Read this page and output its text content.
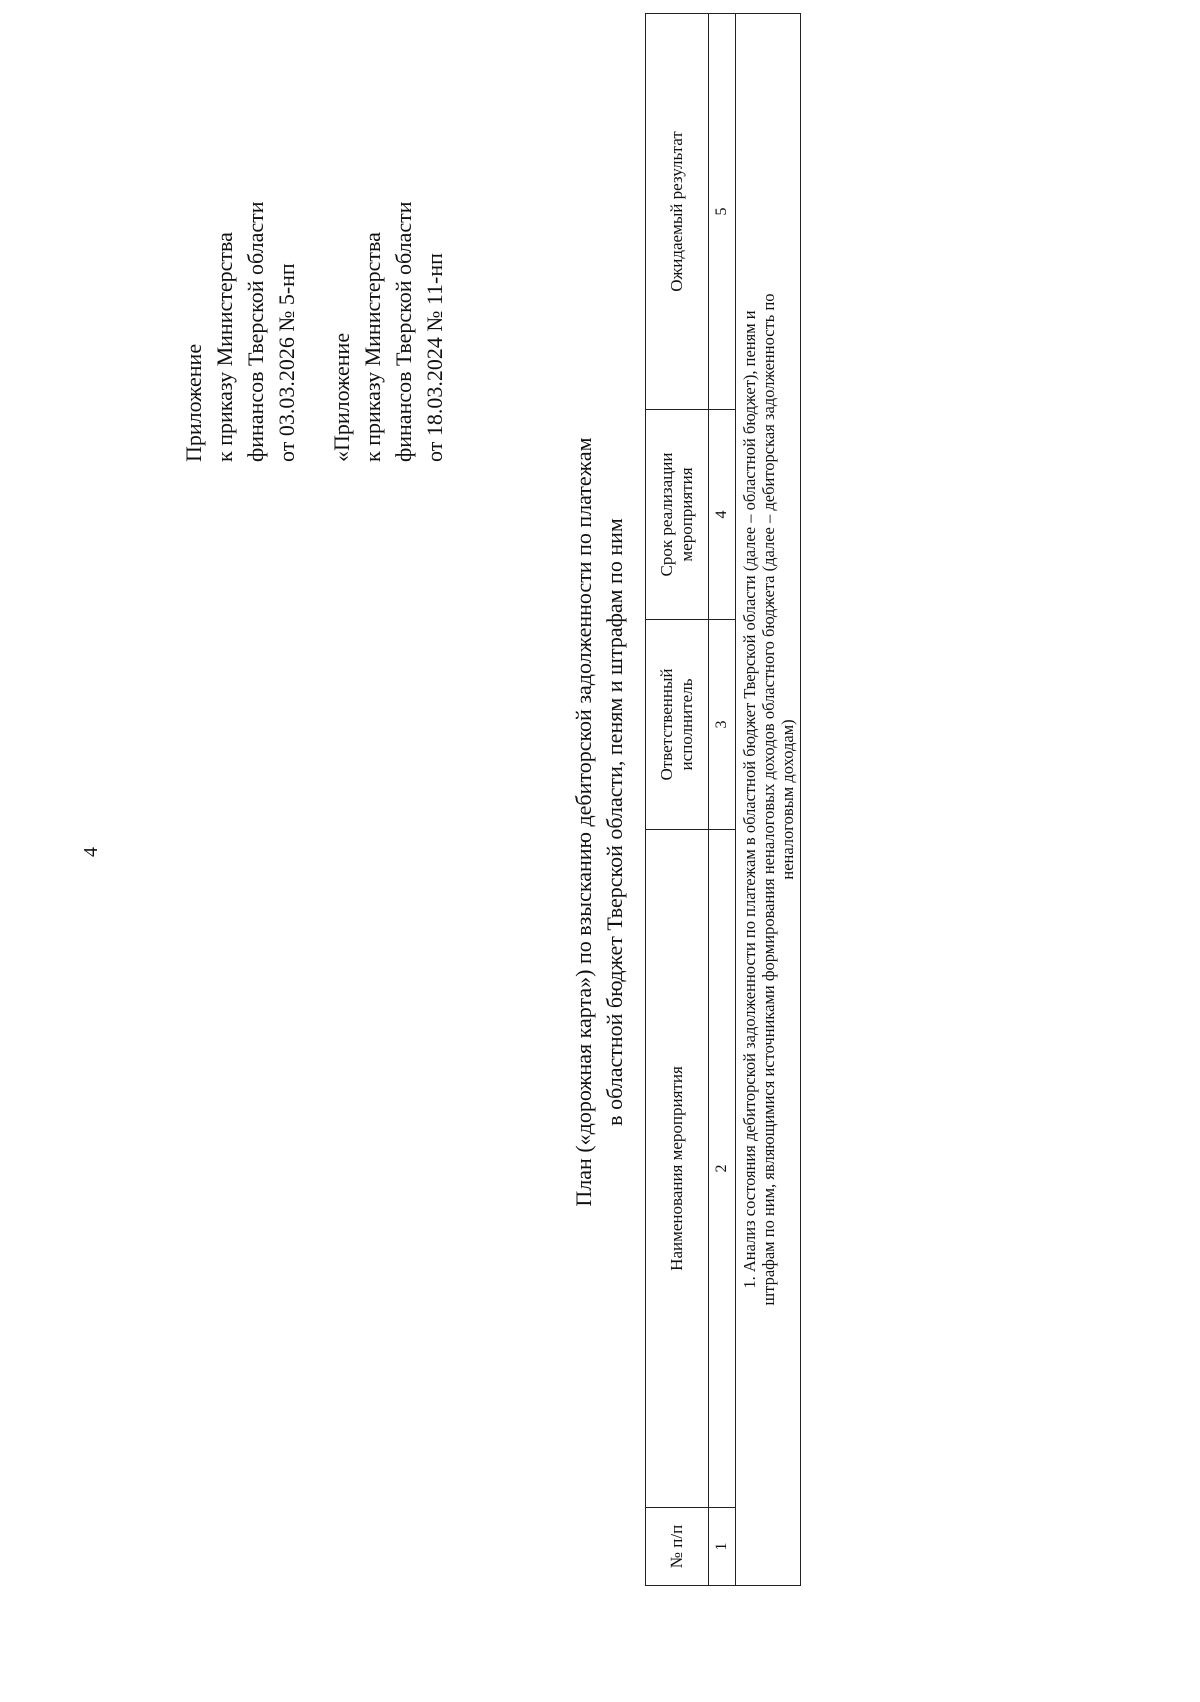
4
Приложение к приказу Министерства финансов Тверской области от 03.03.2026 № 5-нп «Приложение к приказу Министерства финансов Тверской области от 18.03.2024 № 11-нп
План («дорожная карта») по взысканию дебиторской задолженности по платежам в областной бюджет Тверской области, пеням и штрафам по ним
№ п/п	Наименования мероприятия	Ответственный исполнитель	Срок реализации мероприятия	Ожидаемый результат
1	2	3	4	5

1. Анализ состояния дебиторской задолженности по платежам в областной бюджет Тверской области (далее – областной бюджет), пеням и штрафам по ним, являющимися источниками формирования неналоговых доходов областного бюджета (далее – дебиторская задолженность по неналоговым доходам)				
